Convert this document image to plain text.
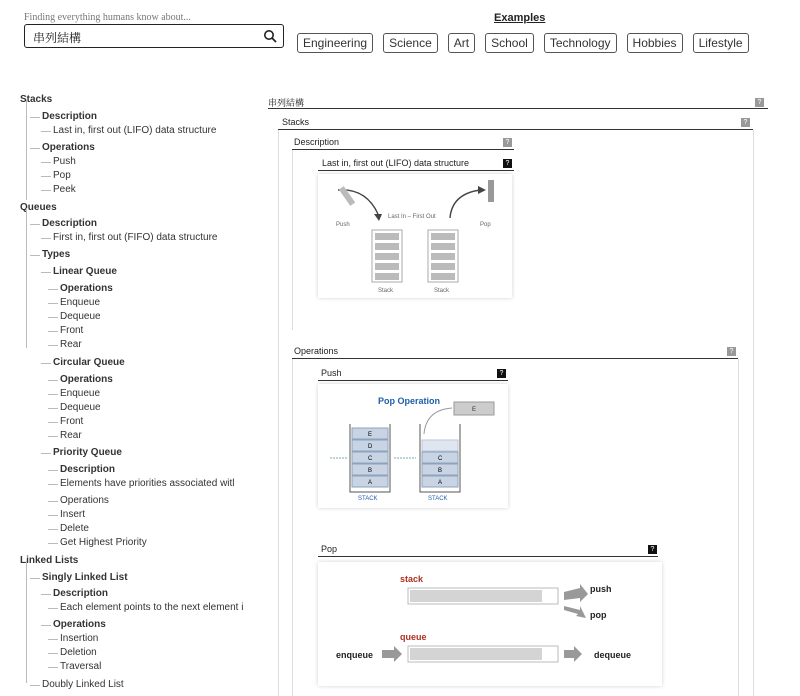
Finding everything humans know about...
串列結構
Examples
Engineering	Science	Art	School	Technology	Hobbies	Lifestyle
Stacks
Description
Last in, first out (LIFO) data structure
Operations
Push
Pop
Peek
Queues
Description
First in, first out (FIFO) data structure
Types
Linear Queue
Operations
Enqueue
Dequeue
Front
Rear
Circular Queue
Operations
Enqueue
Dequeue
Front
Rear
Priority Queue
Description
Elements have priorities associated witl
Operations
Insert
Delete
Get Highest Priority
Linked Lists
Singly Linked List
Description
Each element points to the next element i
Operations
Insertion
Deletion
Traversal
Doubly Linked List
串列結構	?
Stacks	?
Description	?
Last in, first out (LIFO) data structure	?
Push	Pop
Last In – First Out
Stack	Stack
Operations	?
Push	?
Pop Operation
E
E
D
C
B
A
C
B
A
STACK	STACK
Pop	?
stack
push
pop
queue
enqueue	dequeue
